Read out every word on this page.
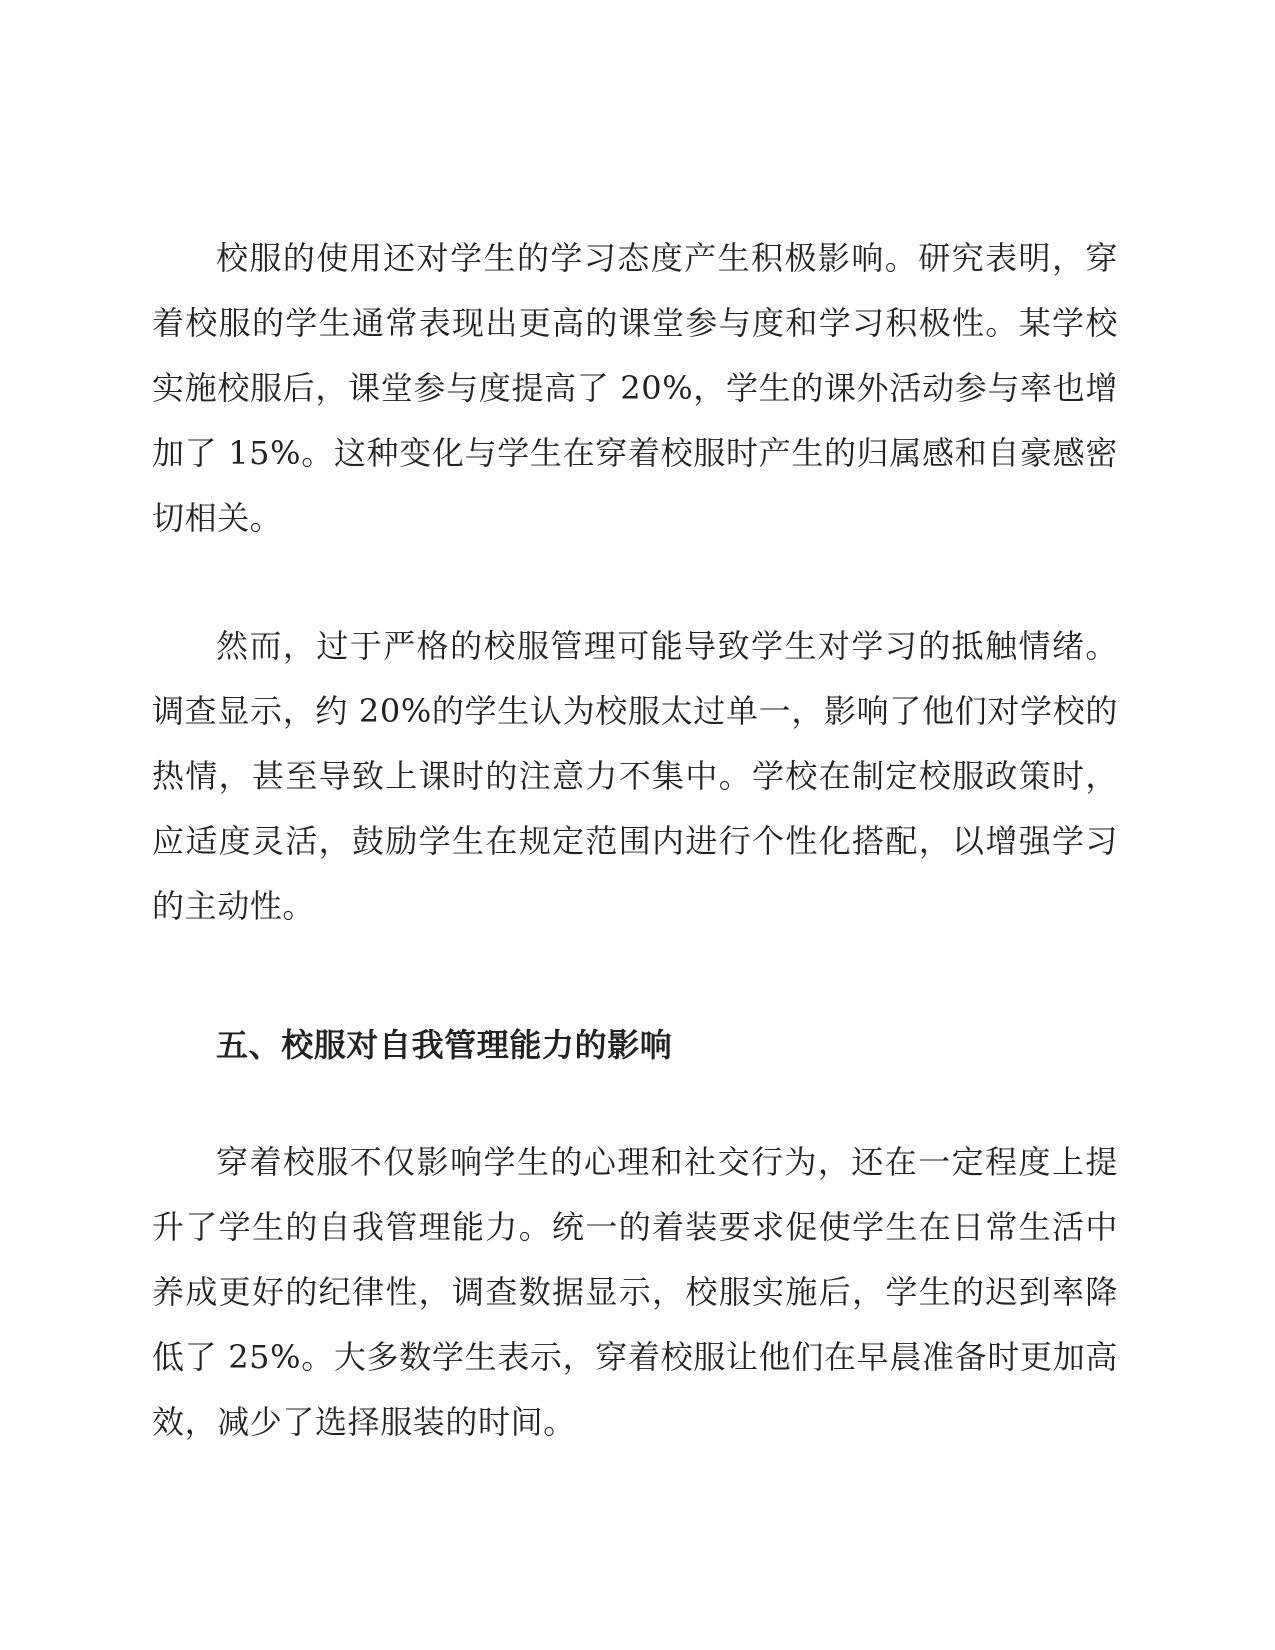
校服的使用还对学生的学习态度产生积极影响。研究表明，穿着校服的学生通常表现出更高的课堂参与度和学习积极性。某学校实施校服后，课堂参与度提高了 20%，学生的课外活动参与率也增加了 15%。这种变化与学生在穿着校服时产生的归属感和自豪感密切相关。

然而，过于严格的校服管理可能导致学生对学习的抵触情绪。调查显示，约 20%的学生认为校服太过单一，影响了他们对学校的热情，甚至导致上课时的注意力不集中。学校在制定校服政策时，应适度灵活，鼓励学生在规定范围内进行个性化搭配，以增强学习的主动性。

五、校服对自我管理能力的影响

穿着校服不仅影响学生的心理和社交行为，还在一定程度上提升了学生的自我管理能力。统一的着装要求促使学生在日常生活中养成更好的纪律性，调查数据显示，校服实施后，学生的迟到率降低了 25%。大多数学生表示，穿着校服让他们在早晨准备时更加高效，减少了选择服装的时间。
